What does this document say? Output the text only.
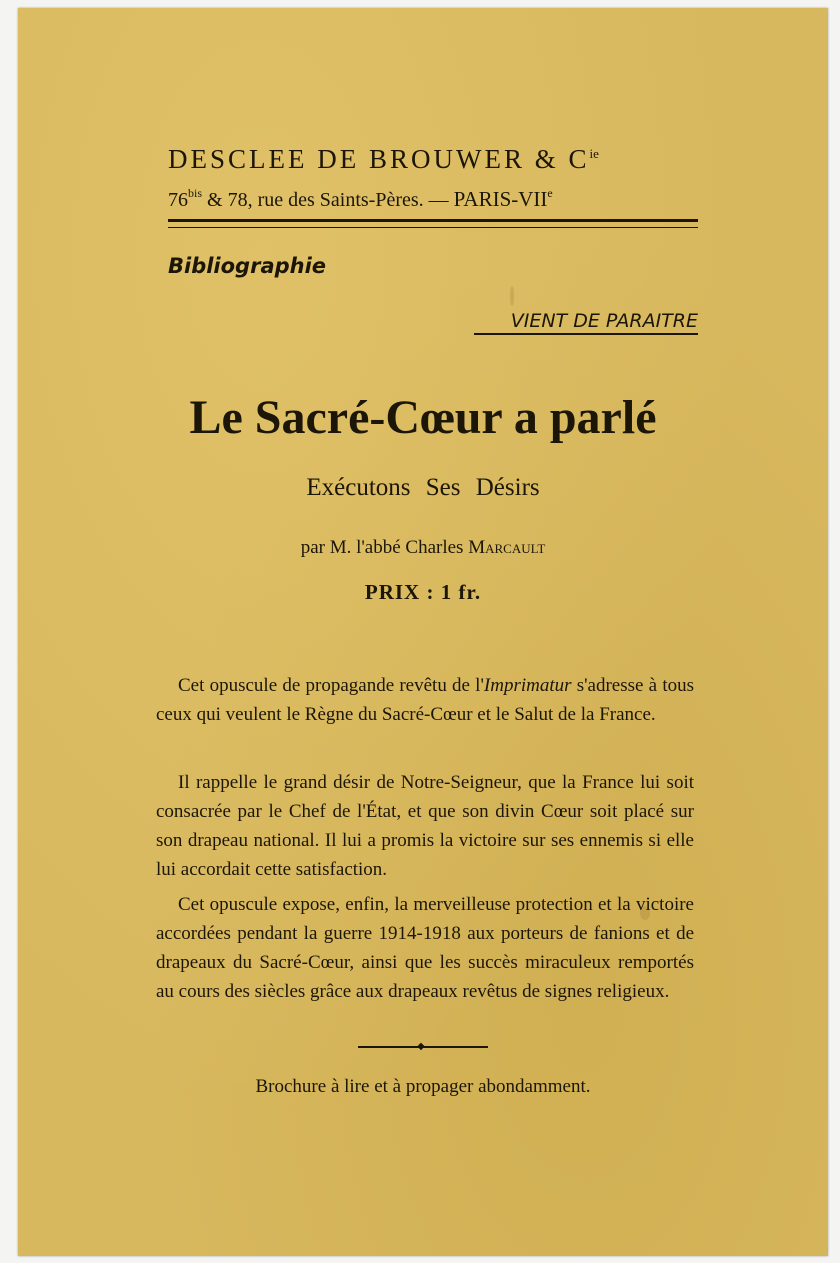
DESCLEE DE BROUWER & $C^{ie}$
$76^{bis}$ & 78, rue des Saints-Pères. — PARIS-VIIe
Bibliographie
VIENT DE PARAITRE
Le Sacré-Cœur a parlé
Exécutons Ses Désirs
par M. l'abbé Charles Marcault
PRIX : 1 fr.

Cet opuscule de propagande revêtu de l'Imprimatur s'adresse à tous ceux qui veulent le Règne du Sacré-Cœur et le Salut de la France.

Il rappelle le grand désir de Notre-Seigneur, que la France lui soit consacrée par le Chef de l'État, et que son divin Cœur soit placé sur son drapeau national. Il lui a promis la victoire sur ses ennemis si elle lui accordait cette satisfaction.

Cet opuscule expose, enfin, la merveilleuse protection et la victoire accordées pendant la guerre 1914-1918 aux porteurs de fanions et de drapeaux du Sacré-Cœur, ainsi que les succès miraculeux remportés au cours des siècles grâce aux drapeaux revêtus de signes religieux.

◆
Brochure à lire et à propager abondamment.
